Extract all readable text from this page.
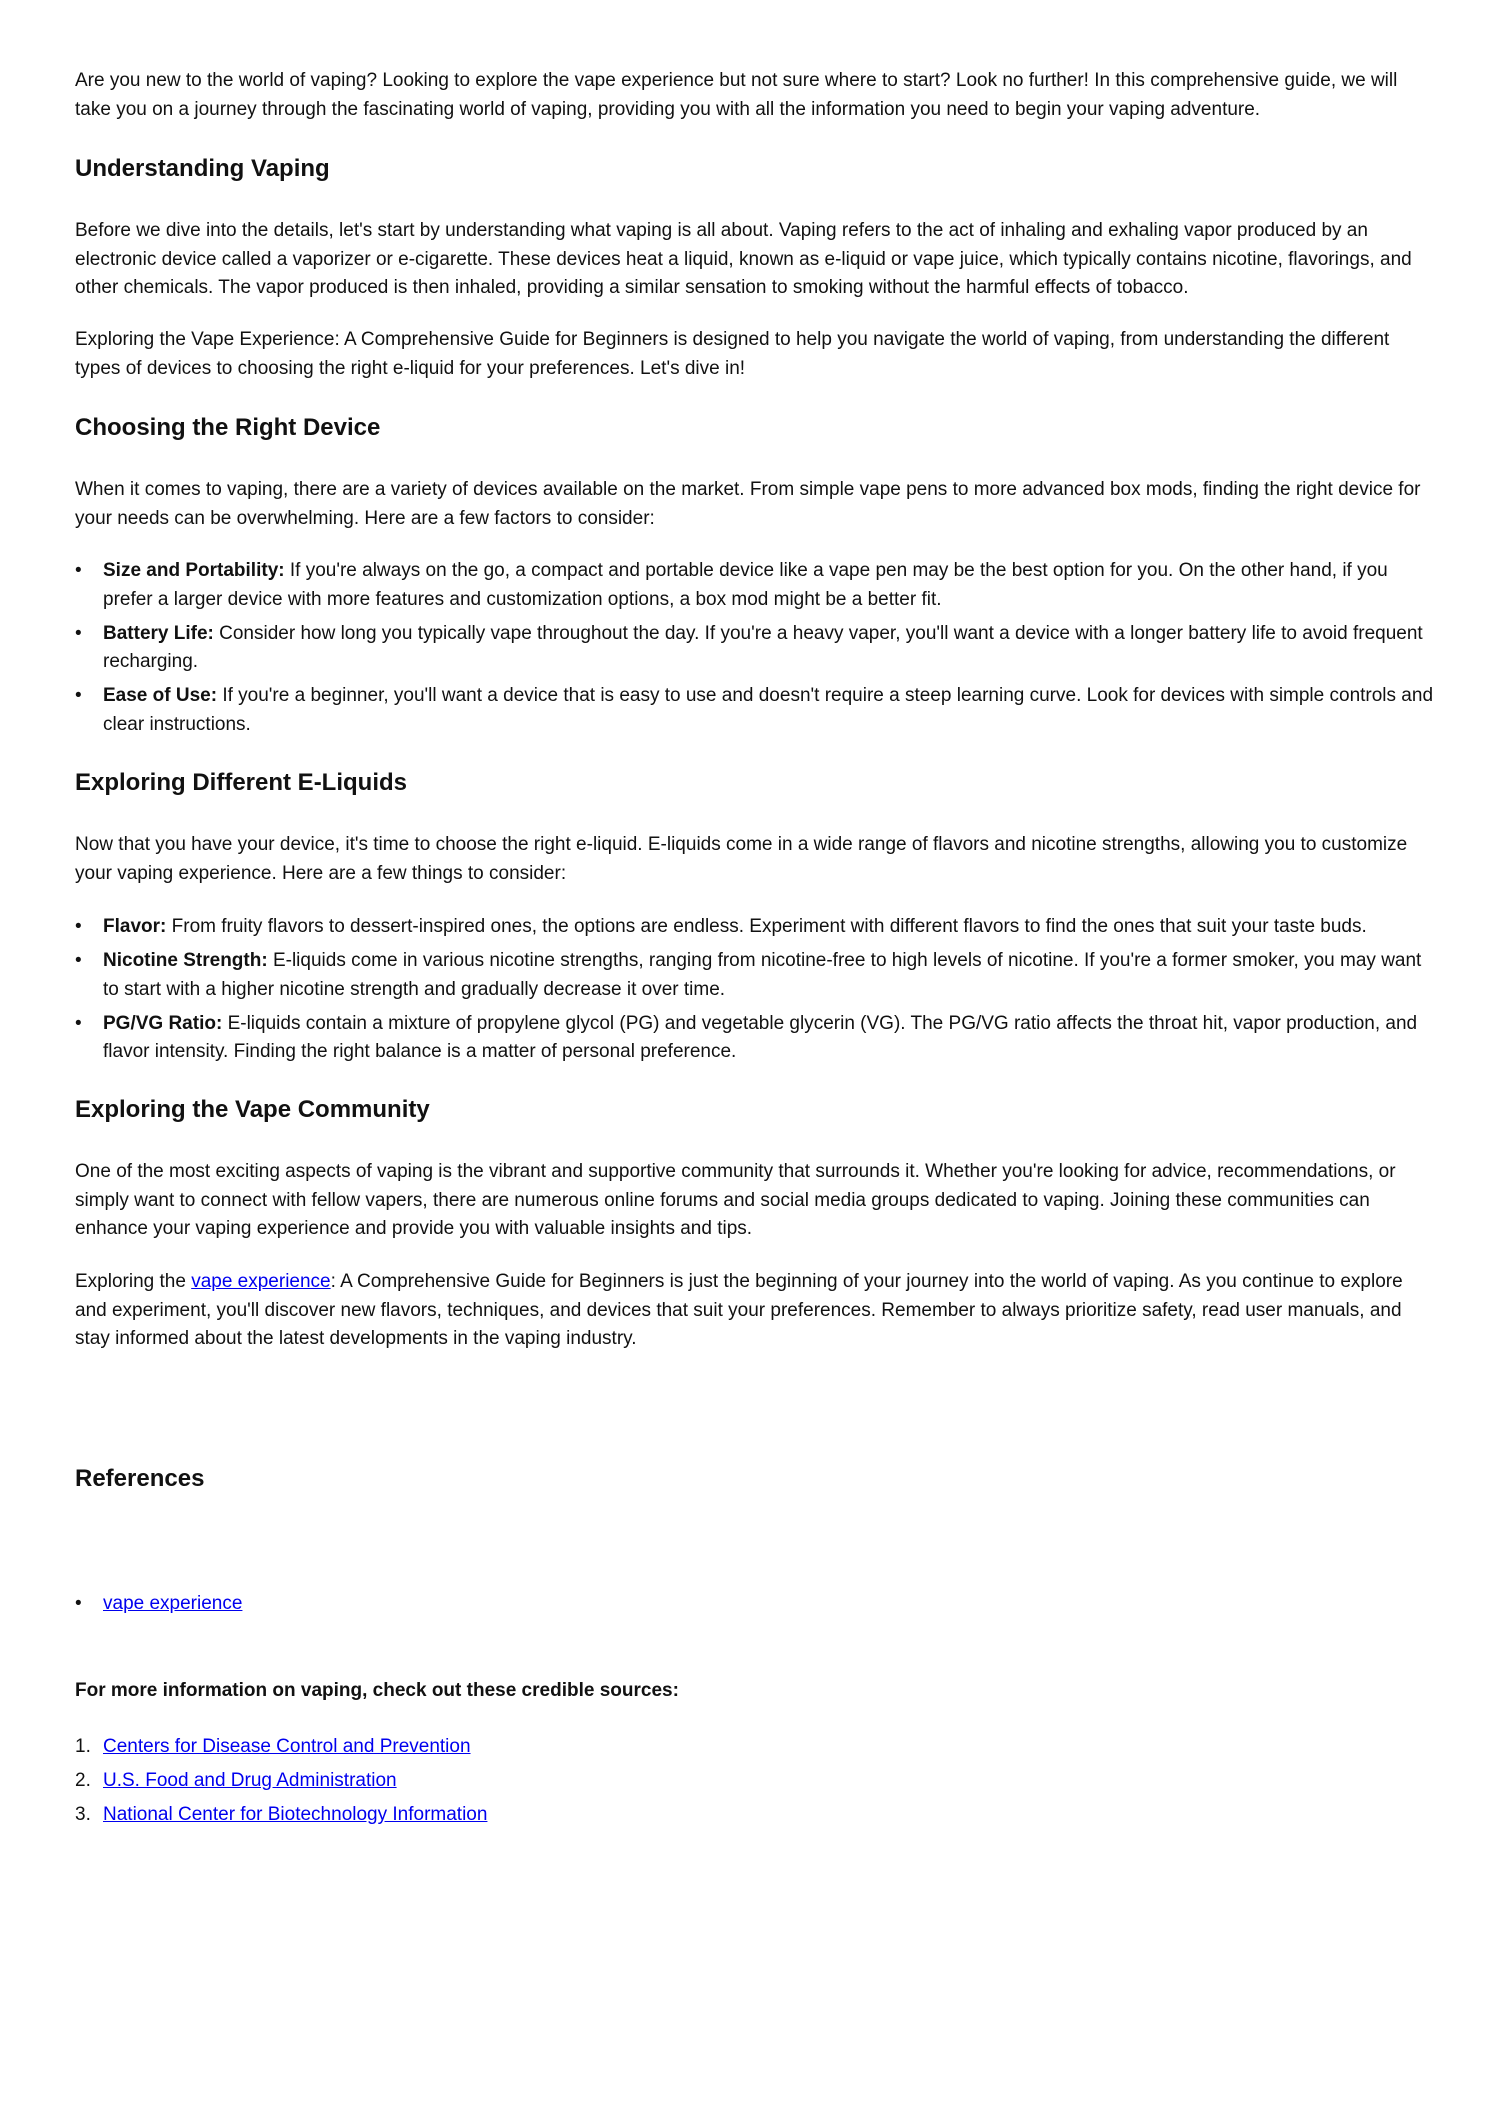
Are you new to the world of vaping? Looking to explore the vape experience but not sure where to start? Look no further! In this comprehensive guide, we will take you on a journey through the fascinating world of vaping, providing you with all the information you need to begin your vaping adventure.

Understanding Vaping

Before we dive into the details, let's start by understanding what vaping is all about. Vaping refers to the act of inhaling and exhaling vapor produced by an electronic device called a vaporizer or e-cigarette. These devices heat a liquid, known as e-liquid or vape juice, which typically contains nicotine, flavorings, and other chemicals. The vapor produced is then inhaled, providing a similar sensation to smoking without the harmful effects of tobacco.

Exploring the Vape Experience: A Comprehensive Guide for Beginners is designed to help you navigate the world of vaping, from understanding the different types of devices to choosing the right e-liquid for your preferences. Let's dive in!

Choosing the Right Device

When it comes to vaping, there are a variety of devices available on the market. From simple vape pens to more advanced box mods, finding the right device for your needs can be overwhelming. Here are a few factors to consider:

• Size and Portability: If you're always on the go, a compact and portable device like a vape pen may be the best option for you. On the other hand, if you prefer a larger device with more features and customization options, a box mod might be a better fit.
• Battery Life: Consider how long you typically vape throughout the day. If you're a heavy vaper, you'll want a device with a longer battery life to avoid frequent recharging.
• Ease of Use: If you're a beginner, you'll want a device that is easy to use and doesn't require a steep learning curve. Look for devices with simple controls and clear instructions.
Exploring Different E-Liquids

Now that you have your device, it's time to choose the right e-liquid. E-liquids come in a wide range of flavors and nicotine strengths, allowing you to customize your vaping experience. Here are a few things to consider:

• Flavor: From fruity flavors to dessert-inspired ones, the options are endless. Experiment with different flavors to find the ones that suit your taste buds.
• Nicotine Strength: E-liquids come in various nicotine strengths, ranging from nicotine-free to high levels of nicotine. If you're a former smoker, you may want to start with a higher nicotine strength and gradually decrease it over time.
• PG/VG Ratio: E-liquids contain a mixture of propylene glycol (PG) and vegetable glycerin (VG). The PG/VG ratio affects the throat hit, vapor production, and flavor intensity. Finding the right balance is a matter of personal preference.
Exploring the Vape Community

One of the most exciting aspects of vaping is the vibrant and supportive community that surrounds it. Whether you're looking for advice, recommendations, or simply want to connect with fellow vapers, there are numerous online forums and social media groups dedicated to vaping. Joining these communities can enhance your vaping experience and provide you with valuable insights and tips.

Exploring the vape experience: A Comprehensive Guide for Beginners is just the beginning of your journey into the world of vaping. As you continue to explore and experiment, you'll discover new flavors, techniques, and devices that suit your preferences. Remember to always prioritize safety, read user manuals, and stay informed about the latest developments in the vaping industry.

References
• vape experience

For more information on vaping, check out these credible sources:

1. Centers for Disease Control and Prevention
2. U.S. Food and Drug Administration
3. National Center for Biotechnology Information
